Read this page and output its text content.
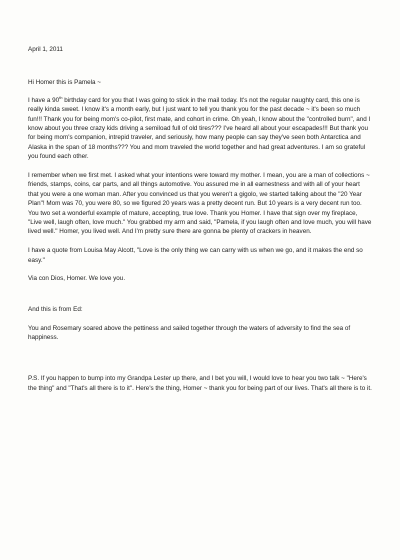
April 1, 2011
Hi Homer this is Pamela ~
I have a 90th birthday card for you that I was going to stick in the mail today. It's not the regular naughty card, this one is really kinda sweet. I know it's a month early, but I just want to tell you thank you for the past decade ~ it's been so much fun!!! Thank you for being mom's co-pilot, first mate, and cohort in crime. Oh yeah, I know about the "controlled burn", and I know about you three crazy kids driving a semiload full of old tires??? I've heard all about your escapades!!! But thank you for being mom's companion, intrepid traveler, and seriously, how many people can say they've seen both Antarctica and Alaska in the span of 18 months??? You and mom traveled the world together and had great adventures. I am so grateful you found each other.
I remember when we first met. I asked what your intentions were toward my mother. I mean, you are a man of collections ~ friends, stamps, coins, car parts, and all things automotive. You assured me in all earnestness and with all of your heart that you were a one woman man. After you convinced us that you weren't a gigolo, we started talking about the "20 Year Plan"! Mom was 70, you were 80, so we figured 20 years was a pretty decent run. But 10 years is a very decent run too. You two set a wonderful example of mature, accepting, true love. Thank you Homer. I have that sign over my fireplace, "Live well, laugh often, love much." You grabbed my arm and said, "Pamela, if you laugh often and love much, you will have lived well." Homer, you lived well. And I'm pretty sure there are gonna be plenty of crackers in heaven.
I have a quote from Louisa May Alcott, "Love is the only thing we can carry with us when we go, and it makes the end so easy."
Via con Dios, Homer. We love you.
And this is from Ed:
You and Rosemary soared above the pettiness and sailed together through the waters of adversity to find the sea of happiness.
P.S. If you happen to bump into my Grandpa Lester up there, and I bet you will, I would love to hear you two talk ~ "Here's the thing" and "That's all there is to it". Here's the thing, Homer ~ thank you for being part of our lives. That's all there is to it.
